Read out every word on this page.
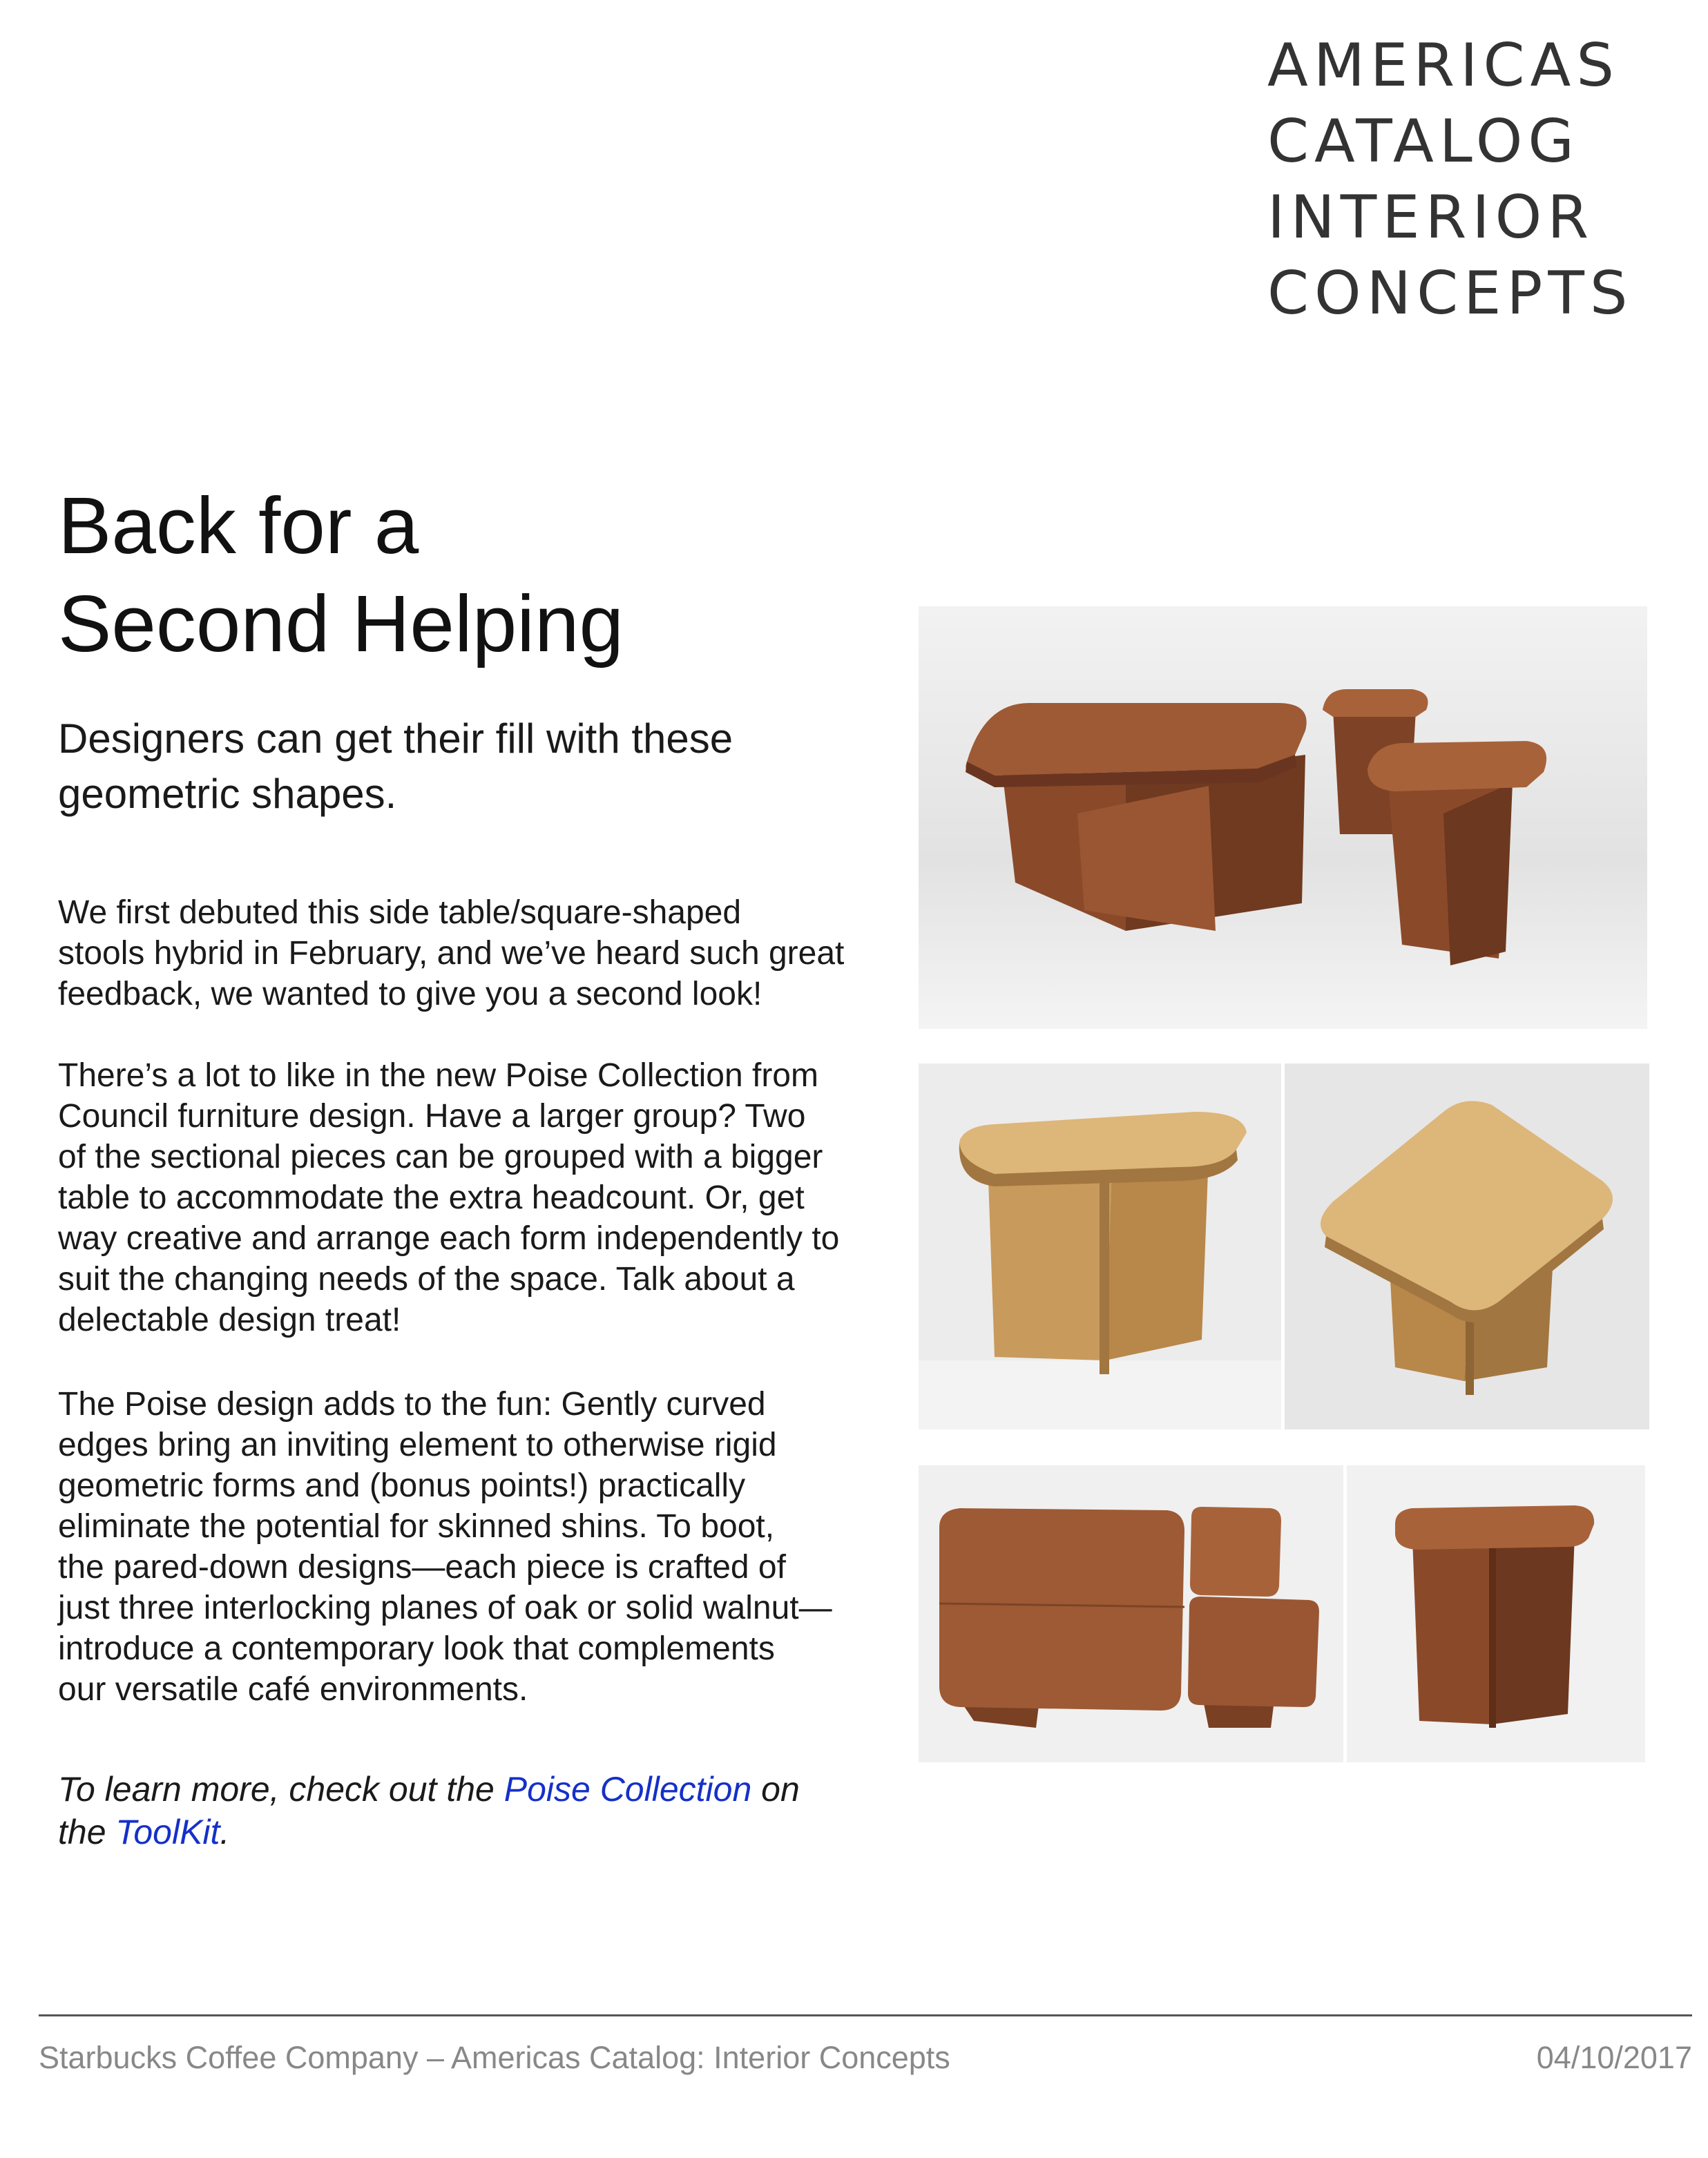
AMERICAS
CATALOG
INTERIOR
CONCEPTS
Back for a
Second Helping
Designers can get their fill with these
geometric shapes.
We first debuted this side table/square-shaped
stools hybrid in February, and we’ve heard such great
feedback, we wanted to give you a second look!
There’s a lot to like in the new Poise Collection from
Council furniture design. Have a larger group? Two
of the sectional pieces can be grouped with a bigger
table to accommodate the extra headcount. Or, get
way creative and arrange each form independently to
suit the changing needs of the space. Talk about a
delectable design treat!
The Poise design adds to the fun: Gently curved
edges bring an inviting element to otherwise rigid
geometric forms and (bonus points!) practically
eliminate the potential for skinned shins. To boot,
the pared-down designs—each piece is crafted of
just three interlocking planes of oak or solid walnut—
introduce a contemporary look that complements
our versatile café environments.
To learn more, check out the Poise Collection on
the ToolKit.
Starbucks Coffee Company – Americas Catalog: Interior Concepts	04/10/2017
